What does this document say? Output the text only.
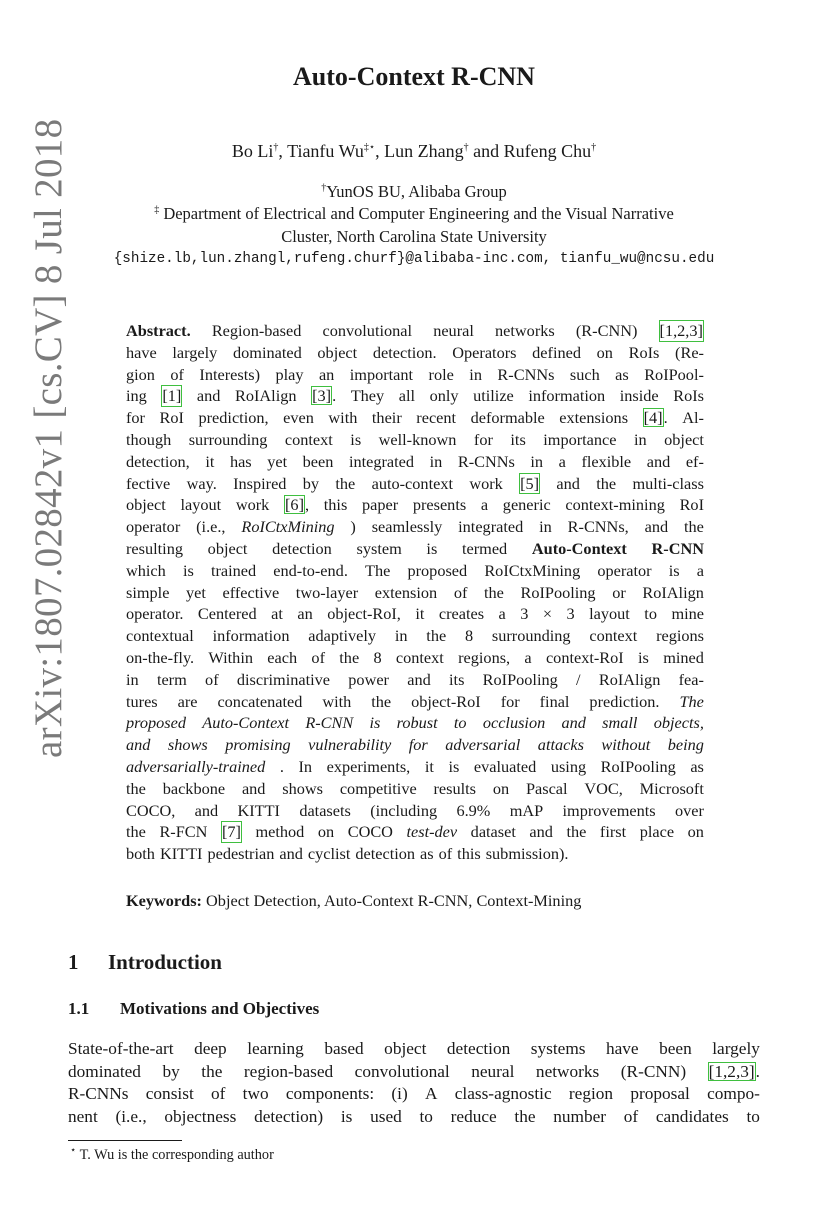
arXiv:1807.02842v1 [cs.CV] 8 Jul 2018
Auto-Context R-CNN
Bo Li†, Tianfu Wu‡⋆, Lun Zhang† and Rufeng Chu†
†YunOS BU, Alibaba Group
‡ Department of Electrical and Computer Engineering and the Visual Narrative
Cluster, North Carolina State University
{shize.lb,lun.zhangl,rufeng.churf}@alibaba-inc.com, tianfu_wu@ncsu.edu
Abstract. Region-based convolutional neural networks (R-CNN) [1,2,3]
have largely dominated object detection. Operators defined on RoIs (Re-
gion of Interests) play an important role in R-CNNs such as RoIPool-
ing [1] and RoIAlign [3]. They all only utilize information inside RoIs
for RoI prediction, even with their recent deformable extensions [4]. Al-
though surrounding context is well-known for its importance in object
detection, it has yet been integrated in R-CNNs in a flexible and ef-
fective way. Inspired by the auto-context work [5] and the multi-class
object layout work [6], this paper presents a generic context-mining RoI
operator (i.e., RoICtxMining ) seamlessly integrated in R-CNNs, and the
resulting object detection system is termed Auto-Context R-CNN
which is trained end-to-end. The proposed RoICtxMining operator is a
simple yet effective two-layer extension of the RoIPooling or RoIAlign
operator. Centered at an object-RoI, it creates a 3 × 3 layout to mine
contextual information adaptively in the 8 surrounding context regions
on-the-fly. Within each of the 8 context regions, a context-RoI is mined
in term of discriminative power and its RoIPooling / RoIAlign fea-
tures are concatenated with the object-RoI for final prediction. The
proposed Auto-Context R-CNN is robust to occlusion and small objects,
and shows promising vulnerability for adversarial attacks without being
adversarially-trained . In experiments, it is evaluated using RoIPooling as
the backbone and shows competitive results on Pascal VOC, Microsoft
COCO, and KITTI datasets (including 6.9% mAP improvements over
the R-FCN [7] method on COCO test-dev dataset and the first place on
both KITTI pedestrian and cyclist detection as of this submission).
Keywords: Object Detection, Auto-Context R-CNN, Context-Mining
1 Introduction
1.1 Motivations and Objectives
State-of-the-art deep learning based object detection systems have been largely
dominated by the region-based convolutional neural networks (R-CNN) [1,2,3].
R-CNNs consist of two components: (i) A class-agnostic region proposal compo-
nent (i.e., objectness detection) is used to reduce the number of candidates to
⋆ T. Wu is the corresponding author
